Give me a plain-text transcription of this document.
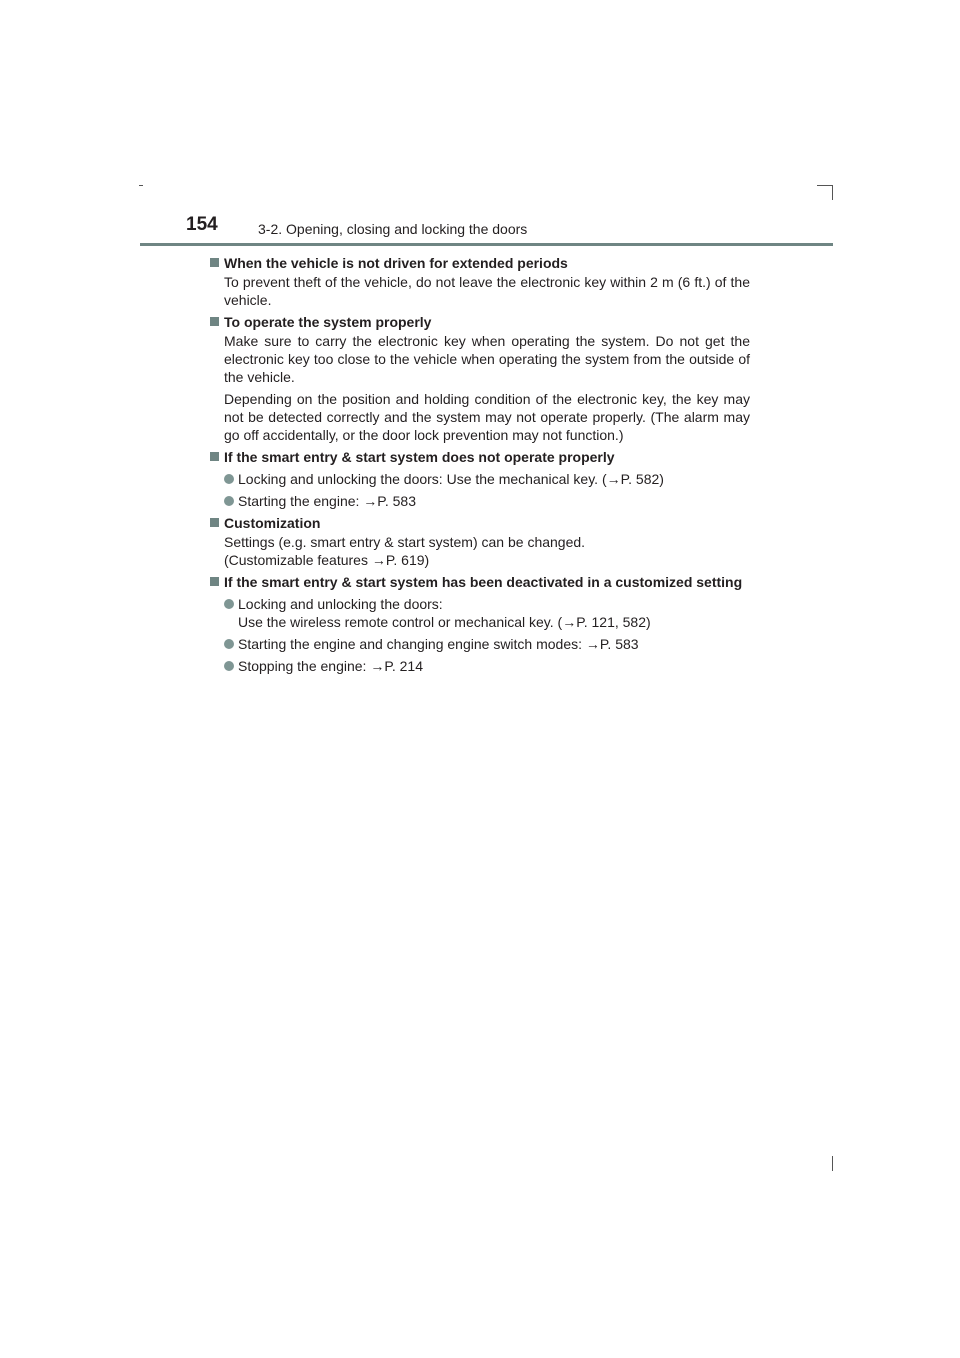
154	3-2. Opening, closing and locking the doors
When the vehicle is not driven for extended periods
To prevent theft of the vehicle, do not leave the electronic key within 2 m (6 ft.) of the vehicle.
To operate the system properly
Make sure to carry the electronic key when operating the system. Do not get the electronic key too close to the vehicle when operating the system from the outside of the vehicle.
Depending on the position and holding condition of the electronic key, the key may not be detected correctly and the system may not operate properly. (The alarm may go off accidentally, or the door lock prevention may not function.)
If the smart entry & start system does not operate properly
Locking and unlocking the doors: Use the mechanical key. (→P. 582)
Starting the engine: →P. 583
Customization
Settings (e.g. smart entry & start system) can be changed.
(Customizable features →P. 619)
If the smart entry & start system has been deactivated in a customized setting
Locking and unlocking the doors:
Use the wireless remote control or mechanical key. (→P. 121, 582)
Starting the engine and changing engine switch modes: →P. 583
Stopping the engine: →P. 214
